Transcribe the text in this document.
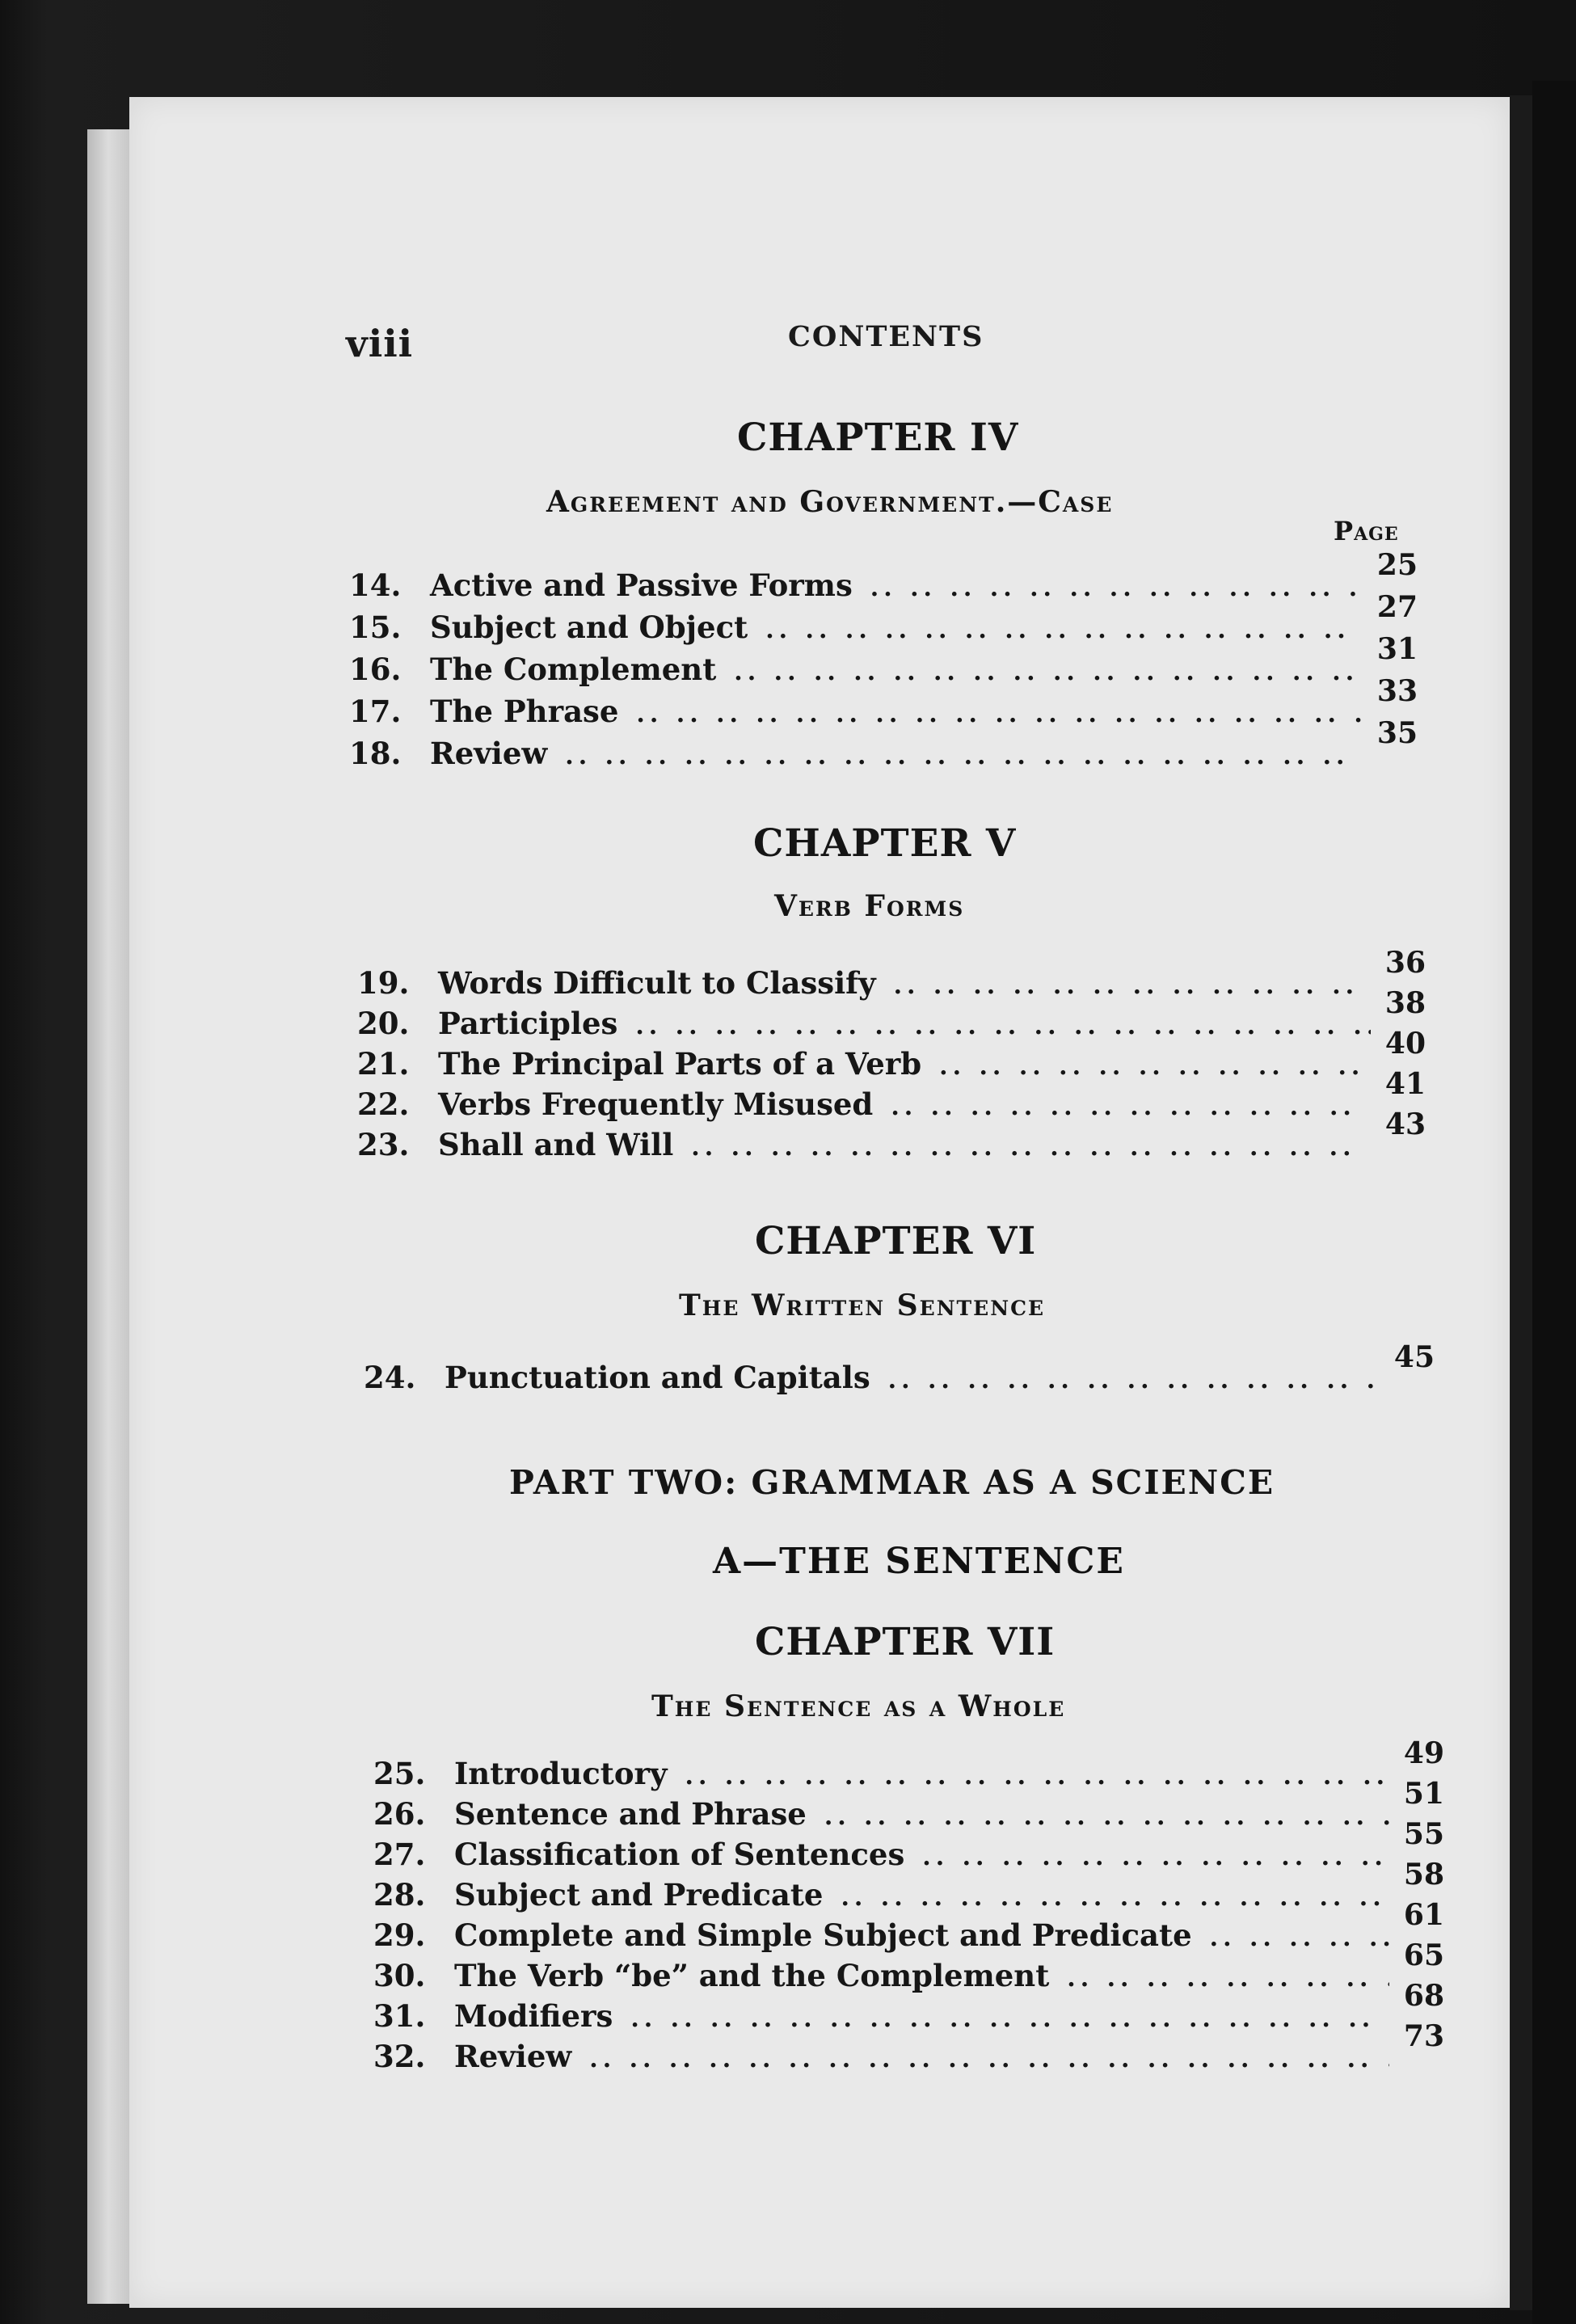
viii	CONTENTS
CHAPTER IV
Agreement and Government.—Case
Page
14. Active and Passive Forms
.. ..
25
15. Subject and Object
.. ..
27
16. The Complement
.. ..
31
17. The Phrase
.. ..
33
18. Review
.. ..
35
CHAPTER V
Verb Forms
19. Words Difficult to Classify
.. ..
36
20. Participles
.. ..
38
21. The Principal Parts of a Verb
.. ..
40
22. Verbs Frequently Misused
.. ..
41
23. Shall and Will
.. ..
43
CHAPTER VI
The Written Sentence
24. Punctuation and Capitals
.. ..
45
PART TWO: GRAMMAR AS A SCIENCE
A—THE SENTENCE
CHAPTER VII
The Sentence as a Whole
25. Introductory
.. ..
49
26. Sentence and Phrase
.. ..
51
27. Classification of Sentences
.. ..
55
28. Subject and Predicate
.. ..
58
29. Complete and Simple Subject and Predicate
.. ..
61
30. The Verb “be” and the Complement
.. ..
65
31. Modifiers
.. ..
68
32. Review
.. ..
73
